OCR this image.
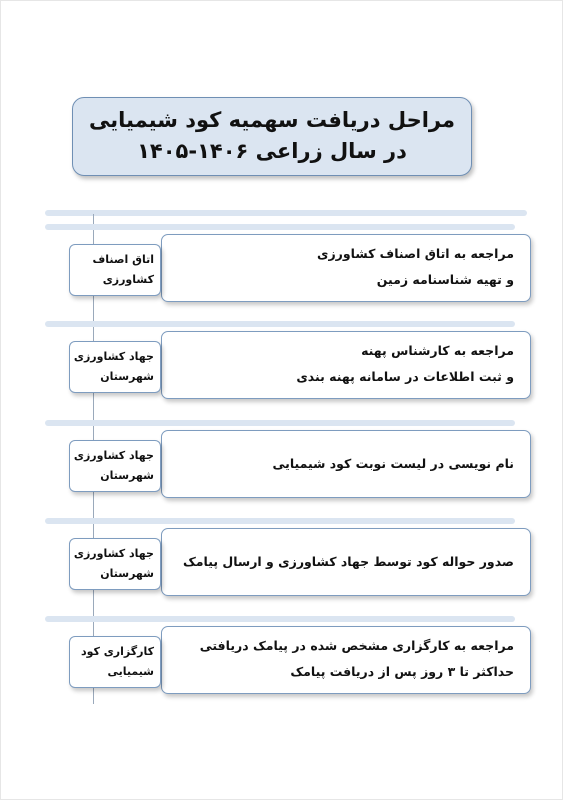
مراحل دریافت سهمیه کود شیمیایی
در سال زراعی ۱۴۰۶-۱۴۰۵
مراجعه به اتاق اصناف کشاورزی
و تهیه شناسنامه زمین
اتاق اصناف
کشاورزی
مراجعه به کارشناس پهنه
و ثبت اطلاعات در سامانه پهنه بندی
جهاد کشاورزی
شهرستان
نام نویسی در لیست نوبت کود شیمیایی
جهاد کشاورزی
شهرستان
صدور حواله کود توسط جهاد کشاورزی و ارسال پیامک
جهاد کشاورزی
شهرستان
مراجعه به کارگزاری مشخص شده در پیامک دریافتی
حداکثر تا ۳ روز پس از دریافت پیامک
کارگزاری کود
شیمیایی
